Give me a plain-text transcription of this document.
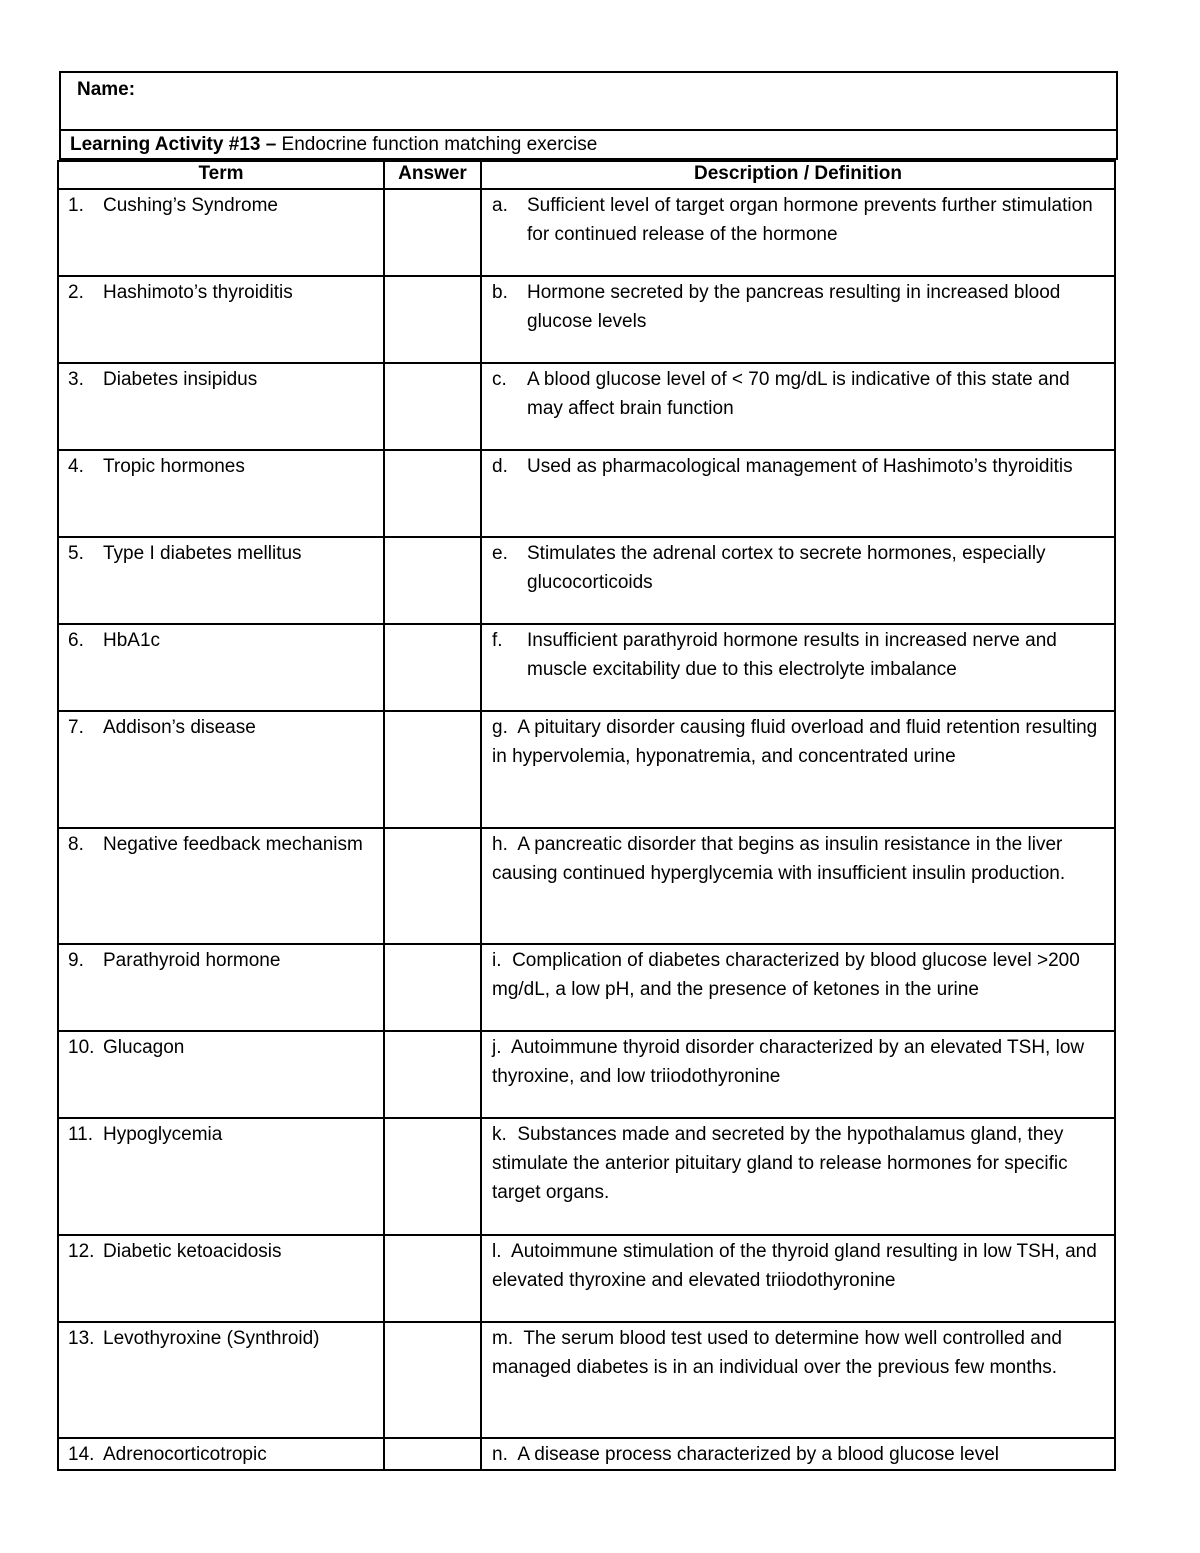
Name:
Learning Activity #13 – Endocrine function matching exercise
Term	Answer	Description / Definition

1. Cushing’s Syndrome		a. Sufficient level of target organ hormone prevents further stimulation for continued release of the hormone

2. Hashimoto’s thyroiditis		b. Hormone secreted by the pancreas resulting in increased blood glucose levels

3. Diabetes insipidus		c. A blood glucose level of < 70 mg/dL is indicative of this state and may affect brain function

4. Tropic hormones		d. Used as pharmacological management of Hashimoto’s thyroiditis

5. Type I diabetes mellitus		e. Stimulates the adrenal cortex to secrete hormones, especially glucocorticoids

6. HbA1c		f. Insufficient parathyroid hormone results in increased nerve and muscle excitability due to this electrolyte imbalance

7. Addison’s disease		g. A pituitary disorder causing fluid overload and fluid retention resulting in hypervolemia, hyponatremia, and concentrated urine

8. Negative feedback mechanism		h. A pancreatic disorder that begins as insulin resistance in the liver causing continued hyperglycemia with insufficient insulin production.

9. Parathyroid hormone		i. Complication of diabetes characterized by blood glucose level >200 mg/dL, a low pH, and the presence of ketones in the urine

10. Glucagon		j. Autoimmune thyroid disorder characterized by an elevated TSH, low thyroxine, and low triiodothyronine

11. Hypoglycemia		k. Substances made and secreted by the hypothalamus gland, they stimulate the anterior pituitary gland to release hormones for specific target organs.

12. Diabetic ketoacidosis		l. Autoimmune stimulation of the thyroid gland resulting in low TSH, and elevated thyroxine and elevated triiodothyronine

13. Levothyroxine (Synthroid)		m. The serum blood test used to determine how well controlled and managed diabetes is in an individual over the previous few months.

14. Adrenocorticotropic		n. A disease process characterized by a blood glucose level
